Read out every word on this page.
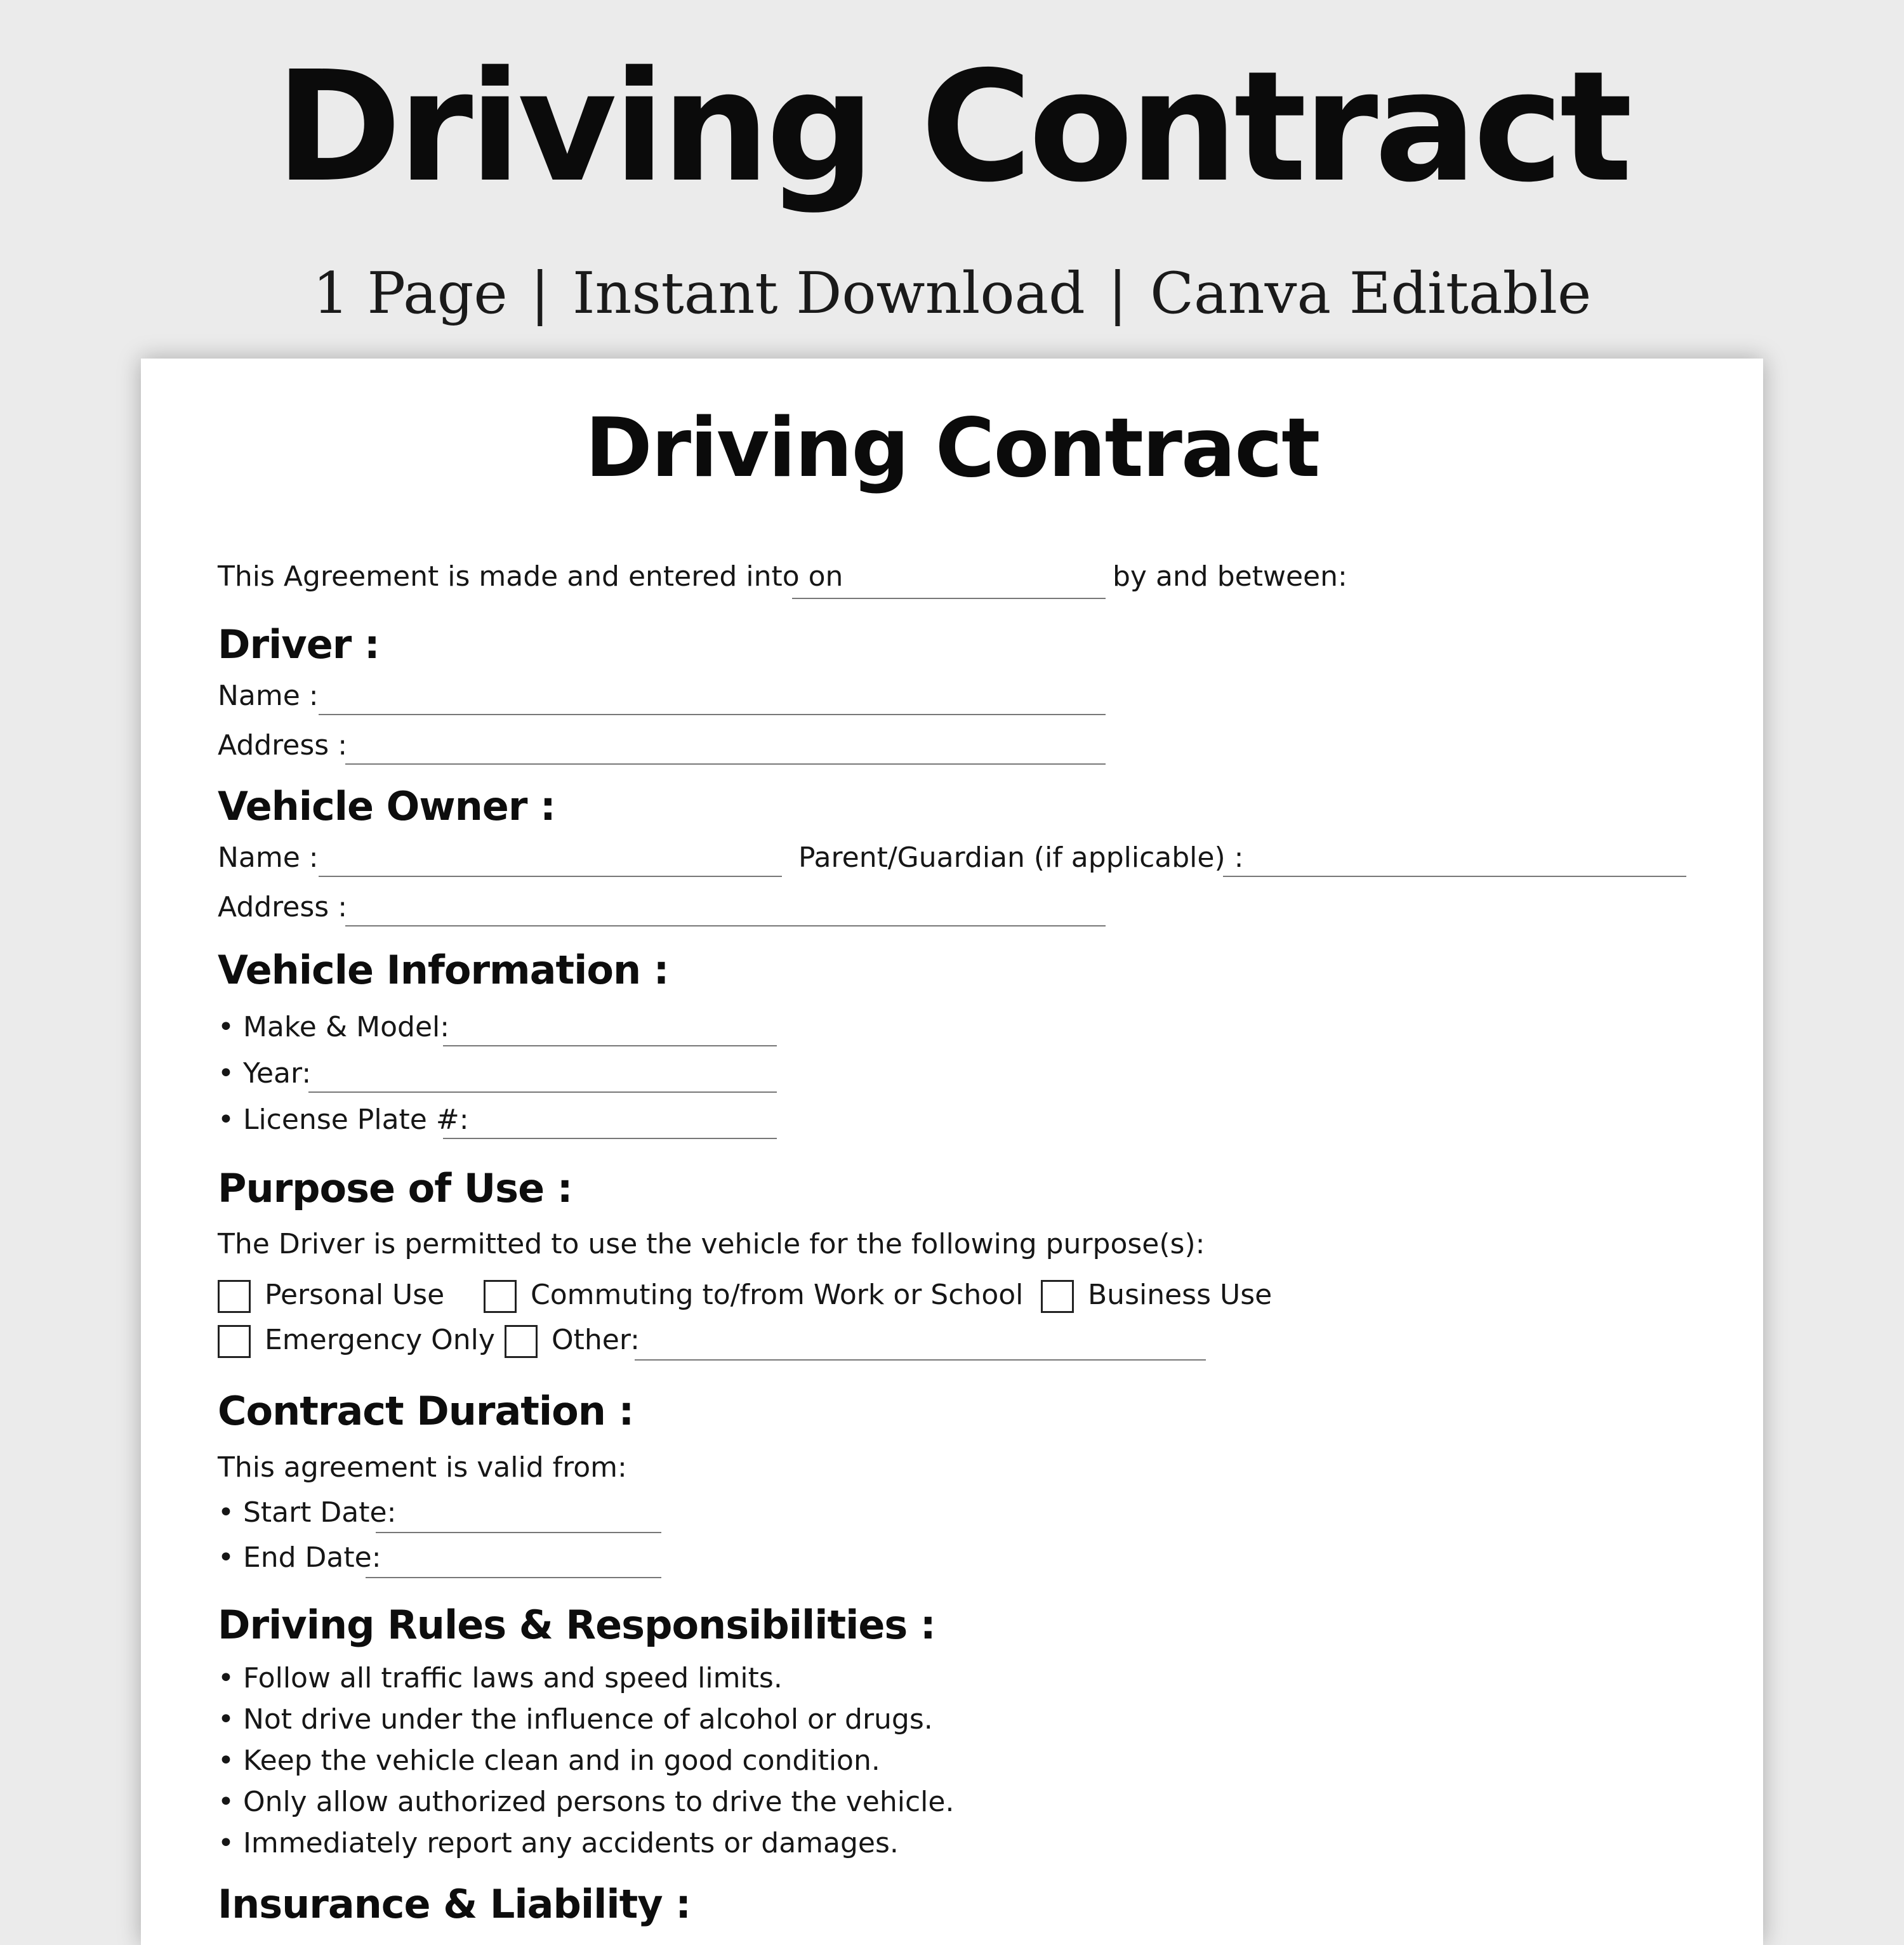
Driving Contract
1 Page | Instant Download | Canva Editable
Driving Contract
This Agreement is made and entered into on	by and between:
Driver :
Name :
Address :
Vehicle Owner :
Name :	Parent/Guardian (if applicable) :
Address :
Vehicle Information :
• Make & Model:
• Year:
• License Plate #:
Purpose of Use :
The Driver is permitted to use the vehicle for the following purpose(s):
Personal Use	Commuting to/from Work or School Business Use
Emergency Only Other:
Contract Duration :
This agreement is valid from:
• Start Date:
• End Date:
Driving Rules & Responsibilities :
• Follow all traffic laws and speed limits.
• Not drive under the influence of alcohol or drugs.
• Keep the vehicle clean and in good condition.
• Only allow authorized persons to drive the vehicle.
• Immediately report any accidents or damages.
Insurance & Liability :
